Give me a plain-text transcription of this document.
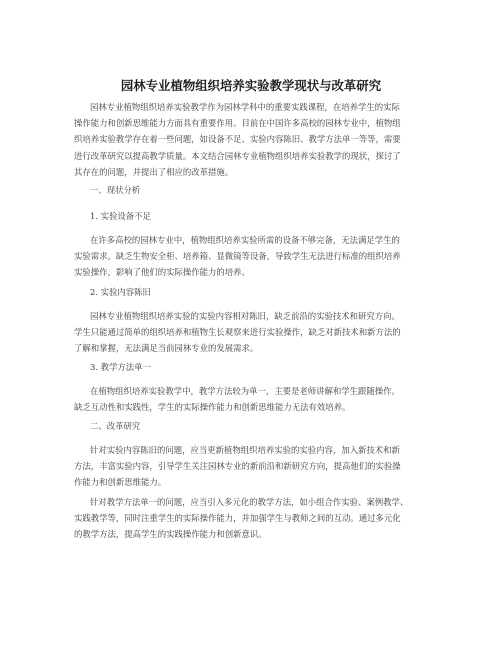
园林专业植物组织培养实验教学现状与改革研究
园林专业植物组织培养实验教学作为园林学科中的重要实践课程，在培养学生的实际
操作能力和创新思维能力方面具有重要作用。目前在中国许多高校的园林专业中，植物组
织培养实验教学存在着一些问题，如设备不足、实验内容陈旧、教学方法单一等等，需要
进行改革研究以提高教学质量。本文结合园林专业植物组织培养实验教学的现状，探讨了
其存在的问题，并提出了相应的改革措施。
一、现状分析
1. 实验设备不足
在许多高校的园林专业中，植物组织培养实验所需的设备不够完备，无法满足学生的
实验需求。缺乏生物安全柜、培养箱、显微镜等设备，导致学生无法进行标准的组织培养
实验操作，影响了他们的实际操作能力的培养。
2. 实验内容陈旧
园林专业植物组织培养实验的实验内容相对陈旧，缺乏前沿的实验技术和研究方向。
学生只能通过简单的组织培养和植物生长观察来进行实验操作，缺乏对新技术和新方法的
了解和掌握，无法满足当前园林专业的发展需求。
3. 教学方法单一
在植物组织培养实验教学中，教学方法较为单一，主要是老师讲解和学生跟随操作。
缺乏互动性和实践性，学生的实际操作能力和创新思维能力无法有效培养。
二、改革研究
针对实验内容陈旧的问题，应当更新植物组织培养实验的实验内容，加入新技术和新
方法，丰富实验内容，引导学生关注园林专业的新前沿和新研究方向，提高他们的实验操
作能力和创新思维能力。
针对教学方法单一的问题，应当引入多元化的教学方法，如小组合作实验、案例教学、
实践教学等，同时注重学生的实际操作能力，并加强学生与教师之间的互动。通过多元化
的教学方法，提高学生的实践操作能力和创新意识。
